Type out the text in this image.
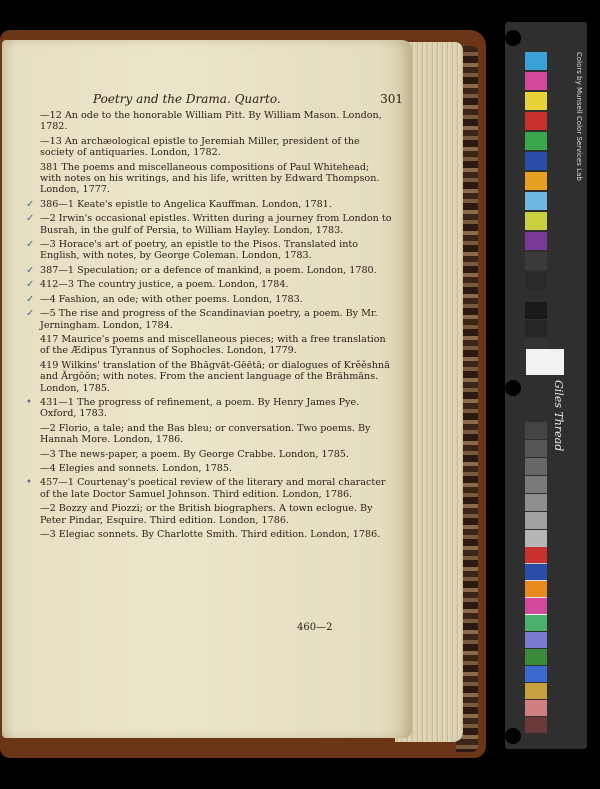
Poetry and the Drama. Quarto.	301
—12 An ode to the honorable William Pitt. By William Mason. London, 1782.
—13 An archæological epistle to Jeremiah Miller, president of the society of antiquaries. London, 1782.
381 The poems and miscellaneous compositions of Paul Whitehead; with notes on his writings, and his life, written by Edward Thompson. London, 1777.
✓ 386—1 Keate's epistle to Angelica Kauffman. London, 1781.
✓ —2 Irwin's occasional epistles. Written during a journey from London to Busrah, in the gulf of Persia, to William Hayley. London, 1783.
✓ —3 Horace's art of poetry, an epistle to the Pisos. Translated into English, with notes, by George Coleman. London, 1783.
✓ 387—1 Speculation; or a defence of mankind, a poem. London, 1780.
✓ 412—3 The country justice, a poem. London, 1784.
✓ —4 Fashion, an ode; with other poems. London, 1783.
✓ —5 The rise and progress of the Scandinavian poetry, a poem. By Mr. Jerningham. London, 1784.
417 Maurice's poems and miscellaneous pieces; with a free translation of the Ædipus Tyrannus of Sophocles. London, 1779.
419 Wilkins' translation of the Bhăgvăt-Gēētā; or dialogues of Krěěshnă and Ărgŏŏn; with notes. From the ancient language of the Brăhmăns. London, 1785.
• 431—1 The progress of refinement, a poem. By Henry James Pye. Oxford, 1783.
—2 Florio, a tale; and the Bas bleu; or conversation. Two poems. By Hannah More. London, 1786.
—3 The news-paper, a poem. By George Crabbe. London, 1785.
—4 Elegies and sonnets. London, 1785.
• 457—1 Courtenay's poetical review of the literary and moral character of the late Doctor Samuel Johnson. Third edition. London, 1786.
—2 Bozzy and Piozzi; or the British biographers. A town eclogue. By Peter Pindar, Esquire. Third edition. London, 1786.
—3 Elegiac sonnets. By Charlotte Smith. Third edition. London, 1786.
460—2
Colors by Munsell Color Services Lab
Giles Thread
